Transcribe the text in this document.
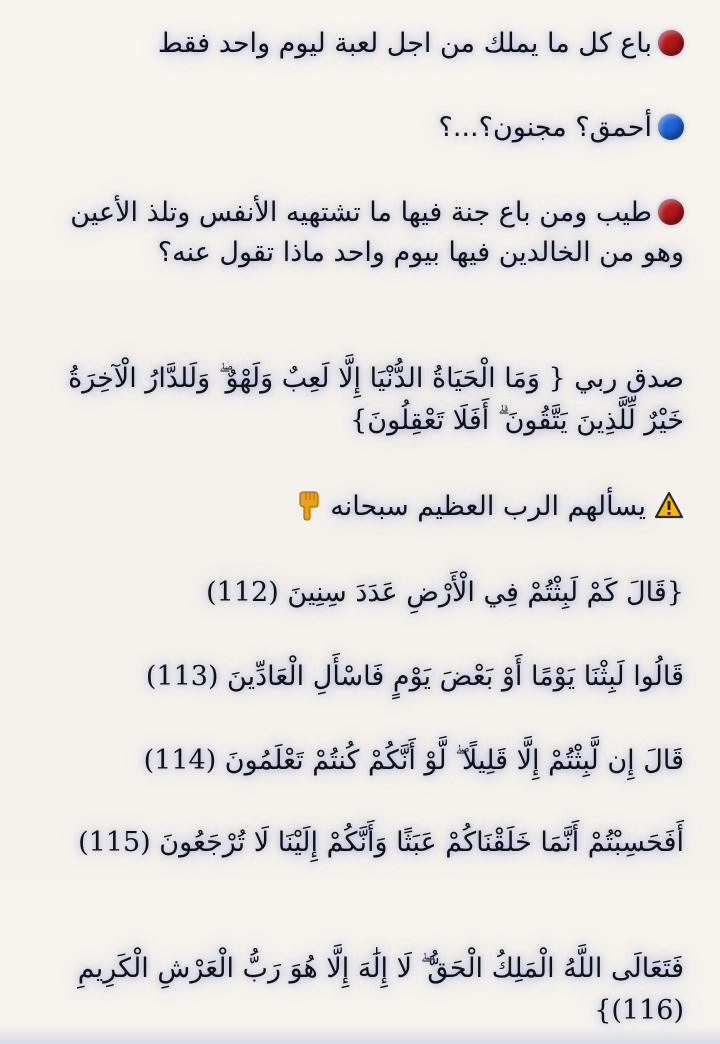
باع كل ما يملك من اجل لعبة ليوم واحد فقط
أحمق؟ مجنون؟...؟
طيب ومن باع جنة فيها ما تشتهيه الأنفس وتلذ الأعين وهو من الخالدين فيها بيوم واحد ماذا تقول عنه؟
صدق ربي { وَمَا الْحَيَاةُ الدُّنْيَا إِلَّا لَعِبٌ وَلَهْوٌ ۖ وَلَلدَّارُ الْآخِرَةُ خَيْرٌ لِّلَّذِينَ يَتَّقُونَ ۗ أَفَلَا تَعْقِلُونَ}
يسألهم الرب العظيم سبحانه
{قَالَ كَمْ لَبِثْتُمْ فِي الْأَرْضِ عَدَدَ سِنِينَ (112)
قَالُوا لَبِثْنَا يَوْمًا أَوْ بَعْضَ يَوْمٍ فَاسْأَلِ الْعَادِّينَ (113)
قَالَ إِن لَّبِثْتُمْ إِلَّا قَلِيلًا ۖ لَّوْ أَنَّكُمْ كُنتُمْ تَعْلَمُونَ (114)
أَفَحَسِبْتُمْ أَنَّمَا خَلَقْنَاكُمْ عَبَثًا وَأَنَّكُمْ إِلَيْنَا لَا تُرْجَعُونَ (115)
فَتَعَالَى اللَّهُ الْمَلِكُ الْحَقُّ ۖ لَا إِلَٰهَ إِلَّا هُوَ رَبُّ الْعَرْشِ الْكَرِيمِ (116)}
